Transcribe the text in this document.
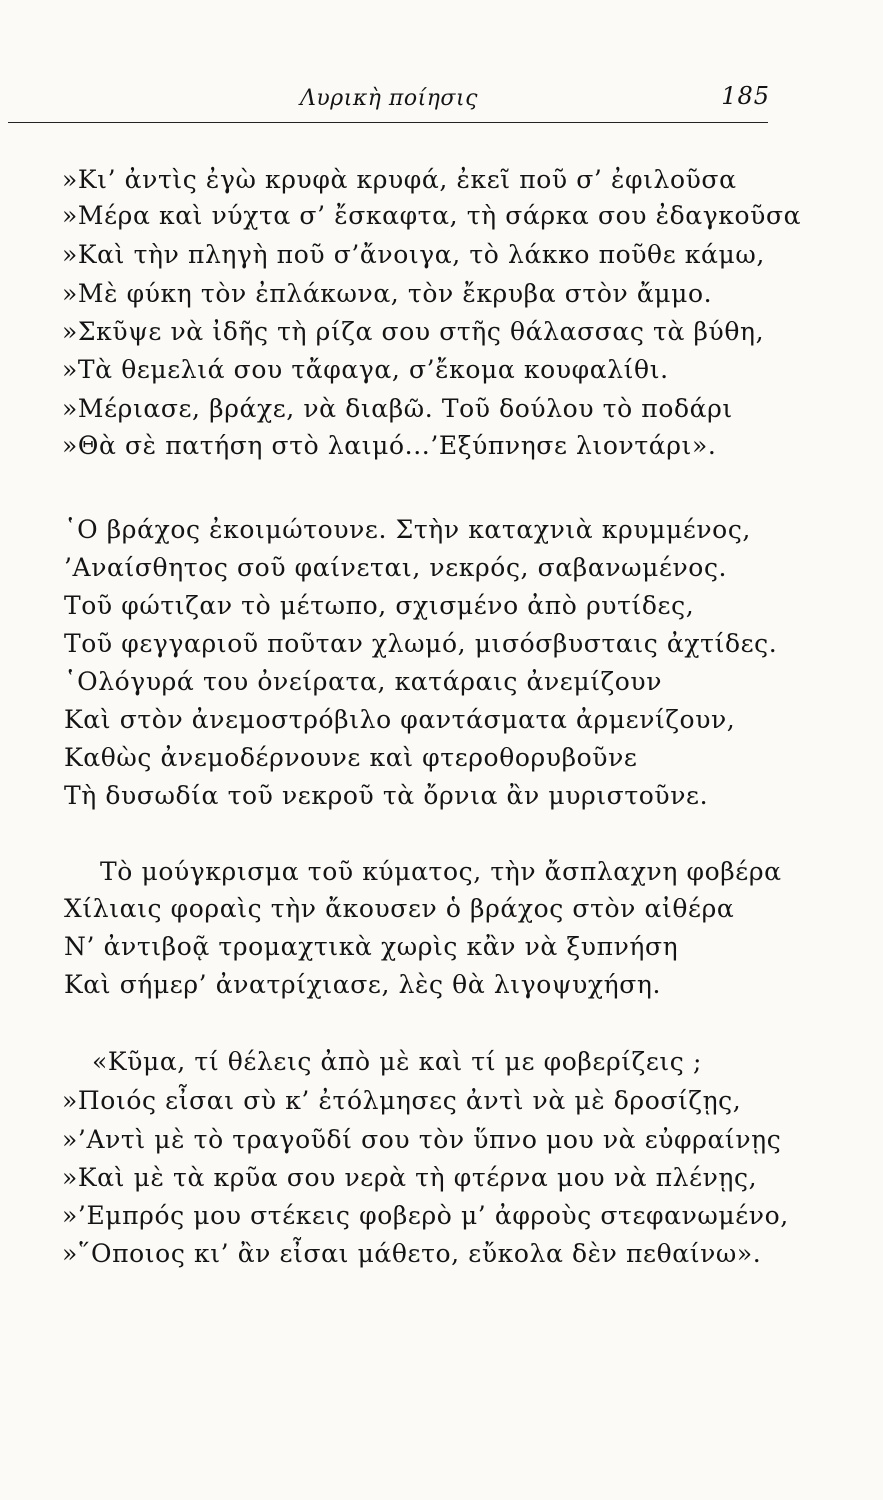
Λυρικὴ ποίησις	185
»Κι’ ἀντὶς ἐγὼ κρυφὰ κρυφά, ἐκεῖ ποῦ σ’ ἐφιλοῦσα
»Μέρα καὶ νύχτα σ’ ἔσκαφτα, τὴ σάρκα σου ἐδαγκοῦσα
»Καὶ τὴν πληγὴ ποῦ σ’ἄνοιγα, τὸ λάκκο ποῦθε κάμω,
»Μὲ φύκη τὸν ἐπλάκωνα, τὸν ἔκρυβα στὸν ἄμμο.
»Σκῦψε νὰ ἰδῆς τὴ ρίζα σου στῆς θάλασσας τὰ βύθη,
»Τὰ θεμελιά σου τἄφαγα, σ’ἔκομα κουφαλίθι.
»Μέριασε, βράχε, νὰ διαβῶ. Τοῦ δούλου τὸ ποδάρι
»Θὰ σὲ πατήση στὸ λαιμό...’Εξύπνησε λιοντάρι».
῾Ο βράχος ἐκοιμώτουνε. Στὴν καταχνιὰ κρυμμένος,
’Αναίσθητος σοῦ φαίνεται, νεκρός, σαβανωμένος.
Τοῦ φώτιζαν τὸ μέτωπο, σχισμένο ἀπὸ ρυτίδες,
Τοῦ φεγγαριοῦ ποῦταν χλωμό, μισόσβυσταις ἀχτίδες.
῾Ολόγυρά του ὀνείρατα, κατάραις ἀνεμίζουν
Καὶ στὸν ἀνεμοστρόβιλο φαντάσματα ἀρμενίζουν,
Καθὼς ἀνεμοδέρνουνε καὶ φτεροθορυβοῦνε
Τὴ δυσωδία τοῦ νεκροῦ τὰ ὄρνια ἂν μυριστοῦνε.
Τὸ μούγκρισμα τοῦ κύματος, τὴν ἄσπλαχνη φοβέρα
Χίλιαις φοραὶς τὴν ἄκουσεν ὁ βράχος στὸν αἰθέρα
Ν’ ἀντιβοᾷ τρομαχτικὰ χωρὶς κἂν νὰ ξυπνήση
Καὶ σήμερ’ ἀνατρίχιασε, λὲς θὰ λιγοψυχήση.
«Κῦμα, τί θέλεις ἀπὸ μὲ καὶ τί με φοβερίζεις ;
»Ποιός εἶσαι σὺ κ’ ἐτόλμησες ἀντὶ νὰ μὲ δροσίζῃς,
»’Αντὶ μὲ τὸ τραγοῦδί σου τὸν ὕπνο μου νὰ εὐφραίνῃς
»Καὶ μὲ τὰ κρῦα σου νερὰ τὴ φτέρνα μου νὰ πλένῃς,
»’Εμπρός μου στέκεις φοβερὸ μ’ ἀφροὺς στεφανωμένο,
»῞Οποιος κι’ ἂν εἶσαι μάθετο, εὔκολα δὲν πεθαίνω».
